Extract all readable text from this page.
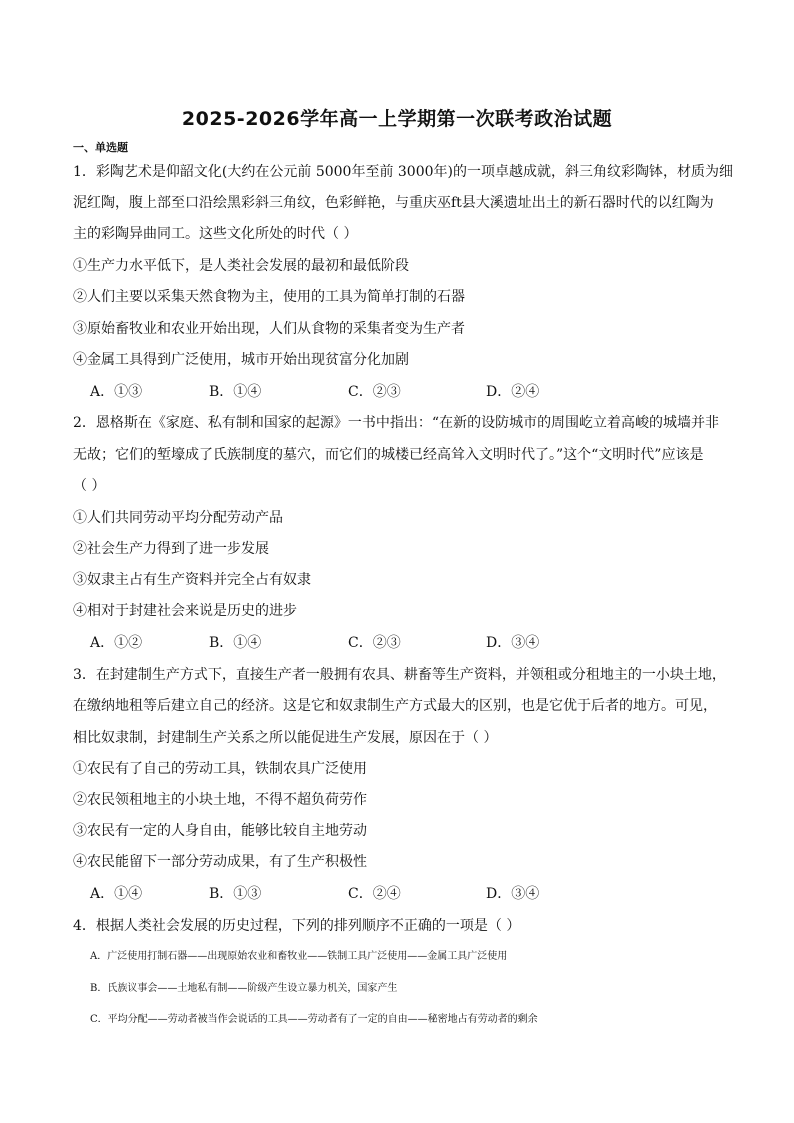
2025-2026学年高一上学期第一次联考政治试题
一、单选题
1．彩陶艺术是仰韶文化(大约在公元前 5000年至前 3000年)的一项卓越成就，斜三角纹彩陶钵，材质为细
泥红陶，腹上部至口沿绘黑彩斜三角纹，色彩鲜艳，与重庆巫ft县大溪遗址出土的新石器时代的以红陶为
主的彩陶异曲同工。这些文化所处的时代（ ）
①生产力水平低下，是人类社会发展的最初和最低阶段
②人们主要以采集天然食物为主，使用的工具为简单打制的石器
③原始畜牧业和农业开始出现，人们从食物的采集者变为生产者
④金属工具得到广泛使用，城市开始出现贫富分化加剧
A．①③	B．①④	C．②③	D．②④
2．恩格斯在《家庭、私有制和国家的起源》一书中指出：“在新的设防城市的周围屹立着高峻的城墙并非
无故；它们的堑壕成了氏族制度的墓穴，而它们的城楼已经高耸入文明时代了。”这个“文明时代”应该是
（ ）
①人们共同劳动平均分配劳动产品
②社会生产力得到了进一步发展
③奴隶主占有生产资料并完全占有奴隶
④相对于封建社会来说是历史的进步
A．①②	B．①④	C．②③	D．③④
3．在封建制生产方式下，直接生产者一般拥有农具、耕畜等生产资料，并领租或分租地主的一小块土地，
在缴纳地租等后建立自己的经济。这是它和奴隶制生产方式最大的区别，也是它优于后者的地方。可见，
相比奴隶制，封建制生产关系之所以能促进生产发展，原因在于（ ）
①农民有了自己的劳动工具，铁制农具广泛使用
②农民领租地主的小块土地，不得不超负荷劳作
③农民有一定的人身自由，能够比较自主地劳动
④农民能留下一部分劳动成果，有了生产积极性
A．①④	B．①③	C．②④	D．③④
4．根据人类社会发展的历史过程，下列的排列顺序不正确的一项是（ ）
A．广泛使用打制石器——出现原始农业和畜牧业——铁制工具广泛使用——金属工具广泛使用
B．氏族议事会——土地私有制——阶级产生设立暴力机关，国家产生
C．平均分配——劳动者被当作会说话的工具——劳动者有了一定的自由——秘密地占有劳动者的剩余
